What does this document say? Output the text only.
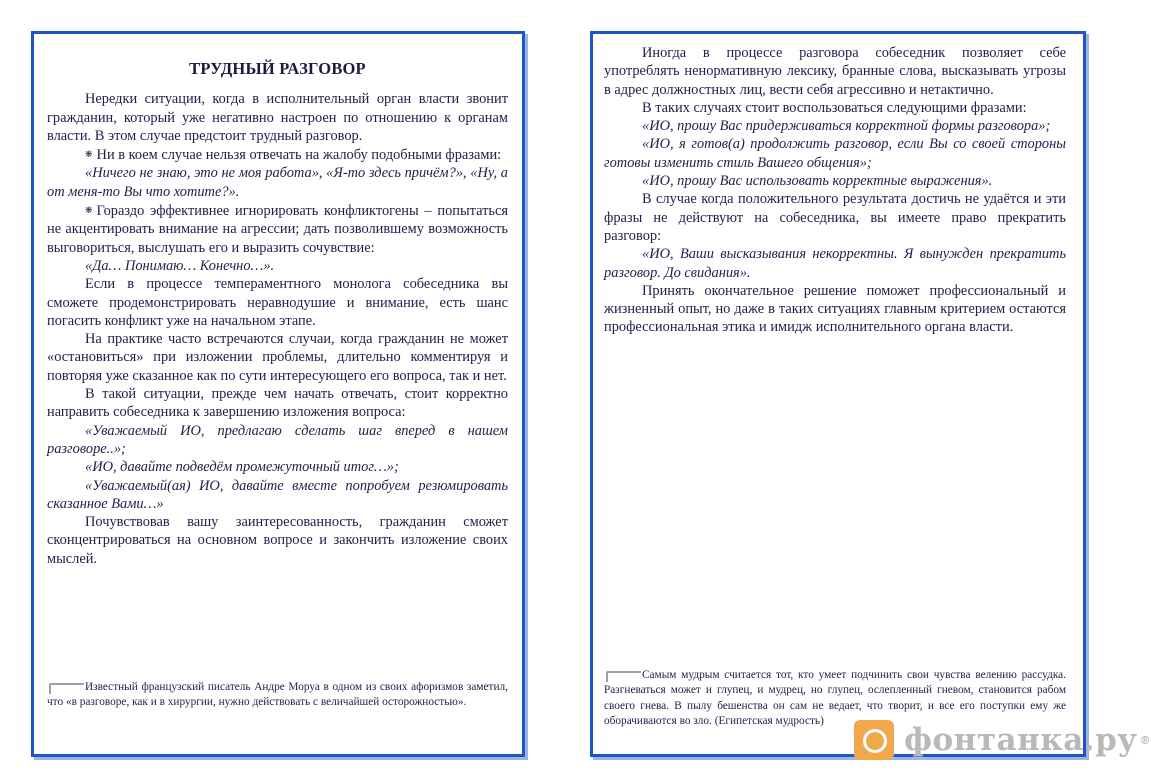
ТРУДНЫЙ РАЗГОВОР

Нередки ситуации, когда в исполнительный орган власти звонит гражданин, который уже негативно настроен по отношению к органам власти. В этом случае предстоит трудный разговор.

❋ Ни в коем случае нельзя отвечать на жалобу подобными фразами:

«Ничего не знаю, это не моя работа», «Я-то здесь причём?», «Ну, а от меня-то Вы что хотите?».

❋ Гораздо эффективнее игнорировать конфликтогены – попытаться не акцентировать внимание на агрессии; дать позволившему возможность выговориться, выслушать его и выразить сочувствие:

«Да… Понимаю… Конечно…».

Если в процессе темпераментного монолога собеседника вы сможете продемонстрировать неравнодушие и внимание, есть шанс погасить конфликт уже на начальном этапе.

На практике часто встречаются случаи, когда гражданин не может «остановиться» при изложении проблемы, длительно комментируя и повторяя уже сказанное как по сути интересующего его вопроса, так и нет.

В такой ситуации, прежде чем начать отвечать, стоит корректно направить собеседника к завершению изложения вопроса:

«Уважаемый ИО, предлагаю сделать шаг вперед в нашем разговоре..»;

«ИО, давайте подведём промежуточный итог…»;

«Уважаемый(ая) ИО, давайте вместе попробуем резюмировать сказанное Вами…»

Почувствовав вашу заинтересованность, гражданин сможет сконцентрироваться на основном вопросе и закончить изложение своих мыслей.

Известный французский писатель Андре Моруа в одном из своих афоризмов заметил, что «в разговоре, как и в хирургии, нужно действовать с величайшей осторожностью».

Иногда в процессе разговора собеседник позволяет себе употреблять ненормативную лексику, бранные слова, высказывать угрозы в адрес должностных лиц, вести себя агрессивно и нетактично.

В таких случаях стоит воспользоваться следующими фразами:

«ИО, прошу Вас придерживаться корректной формы разговора»;

«ИО, я готов(а) продолжить разговор, если Вы со своей стороны готовы изменить стиль Вашего общения»;

«ИО, прошу Вас использовать корректные выражения».

В случае когда положительного результата достичь не удаётся и эти фразы не действуют на собеседника, вы имеете право прекратить разговор:

«ИО, Ваши высказывания некорректны. Я вынужден прекратить разговор. До свидания».

Принять окончательное решение поможет профессиональный и жизненный опыт, но даже в таких ситуациях главным критерием остаются профессиональная этика и имидж исполнительного органа власти.

Самым мудрым считается тот, кто умеет подчинить свои чувства велению рассудка. Разгневаться может и глупец, и мудрец, но глупец, ослепленный гневом, становится рабом своего гнева. В пылу бешенства он сам не ведает, что творит, и все его поступки ему же оборачиваются во зло. (Египетская мудрость)
фонтанка.ру ®
